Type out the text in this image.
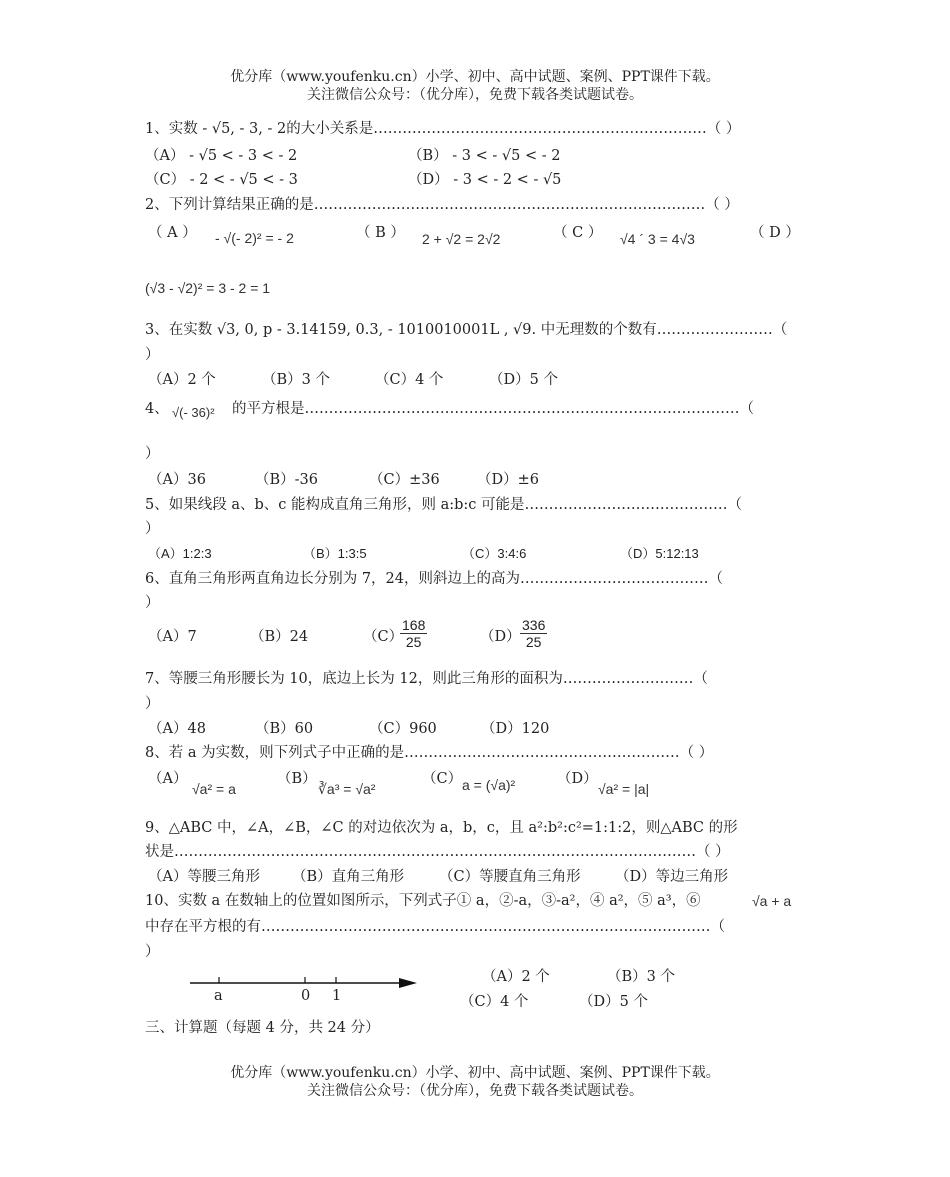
优分库（www.youfenku.cn）小学、初中、高中试题、案例、PPT课件下载。
关注微信公众号：（优分库），免费下载各类试题试卷。
1、实数 - √5, - 3, - 2的大小关系是……………………………………………………………（ ）
（A） - √5 < - 3 < - 2	（B） - 3 < - √5 < - 2
（C） - 2 < - √5 < - 3	（D） - 3 < - 2 < - √5
2、下列计算结果正确的是………………………………………………………………………（ ）
（ A ） - √(- 2)² = - 2	（ B ） 2 + √2 = 2√2	（ C ） √4 ´ 3 = 4√3	（ D ）
(√3 - √2)² = 3 - 2 = 1
3、在实数 √3, 0, p - 3.14159, 0.3, - 1010010001L , √9. 中无理数的个数有……………………（
）
（A）2 个	（B）3 个	（C）4 个	（D）5 个
4、 √(- 36)² 的平方根是………………………………………………………………………………（
）
（A）36	（B）-36	（C）±36	（D）±6
5、如果线段 a、b、c 能构成直角三角形，则 a:b:c 可能是……………………………………（
）
（A）1:2:3	（B）1:3:5	（C）3:4:6	（D）5:12:13
6、直角三角形两直角边长分别为 7，24，则斜边上的高为…………………………………（
）
（A）7	（B）24	（C）
$\frac{168}{25}$	$(D) \frac{336}{25}$
7、等腰三角形腰长为 10，底边上长为 12，则此三角形的面积为………………………（
）
（A）48	（B）60	（C）960	（D）120
8、若 a 为实数，则下列式子中正确的是…………………………………………………（ ）
（A）
√a² = a
（B）
∛a³ = √a²
（C） a = (√a)²	（D）
√a² = |a|
9、△ABC 中，∠A，∠B，∠C 的对边依次为 a，b，c，且 a²:b²:c²=1:1:2，则△ABC 的形
状是………………………………………………………………………………………………（ ）
（A）等腰三角形 （B）直角三角形 （C）等腰直角三角形 （D）等边三角形
10、实数 a 在数轴上的位置如图所示，下列式子① a，②-a，③-a²，④ a²，⑤ a³，⑥	√a + a
中存在平方根的有…………………………………………………………………………………（
）
a	0 1
（A）2 个	（B）3 个
（C）4 个	（D）5 个
三、计算题（每题 4 分，共 24 分）
优分库（www.youfenku.cn）小学、初中、高中试题、案例、PPT课件下载。
关注微信公众号：（优分库），免费下载各类试题试卷。
